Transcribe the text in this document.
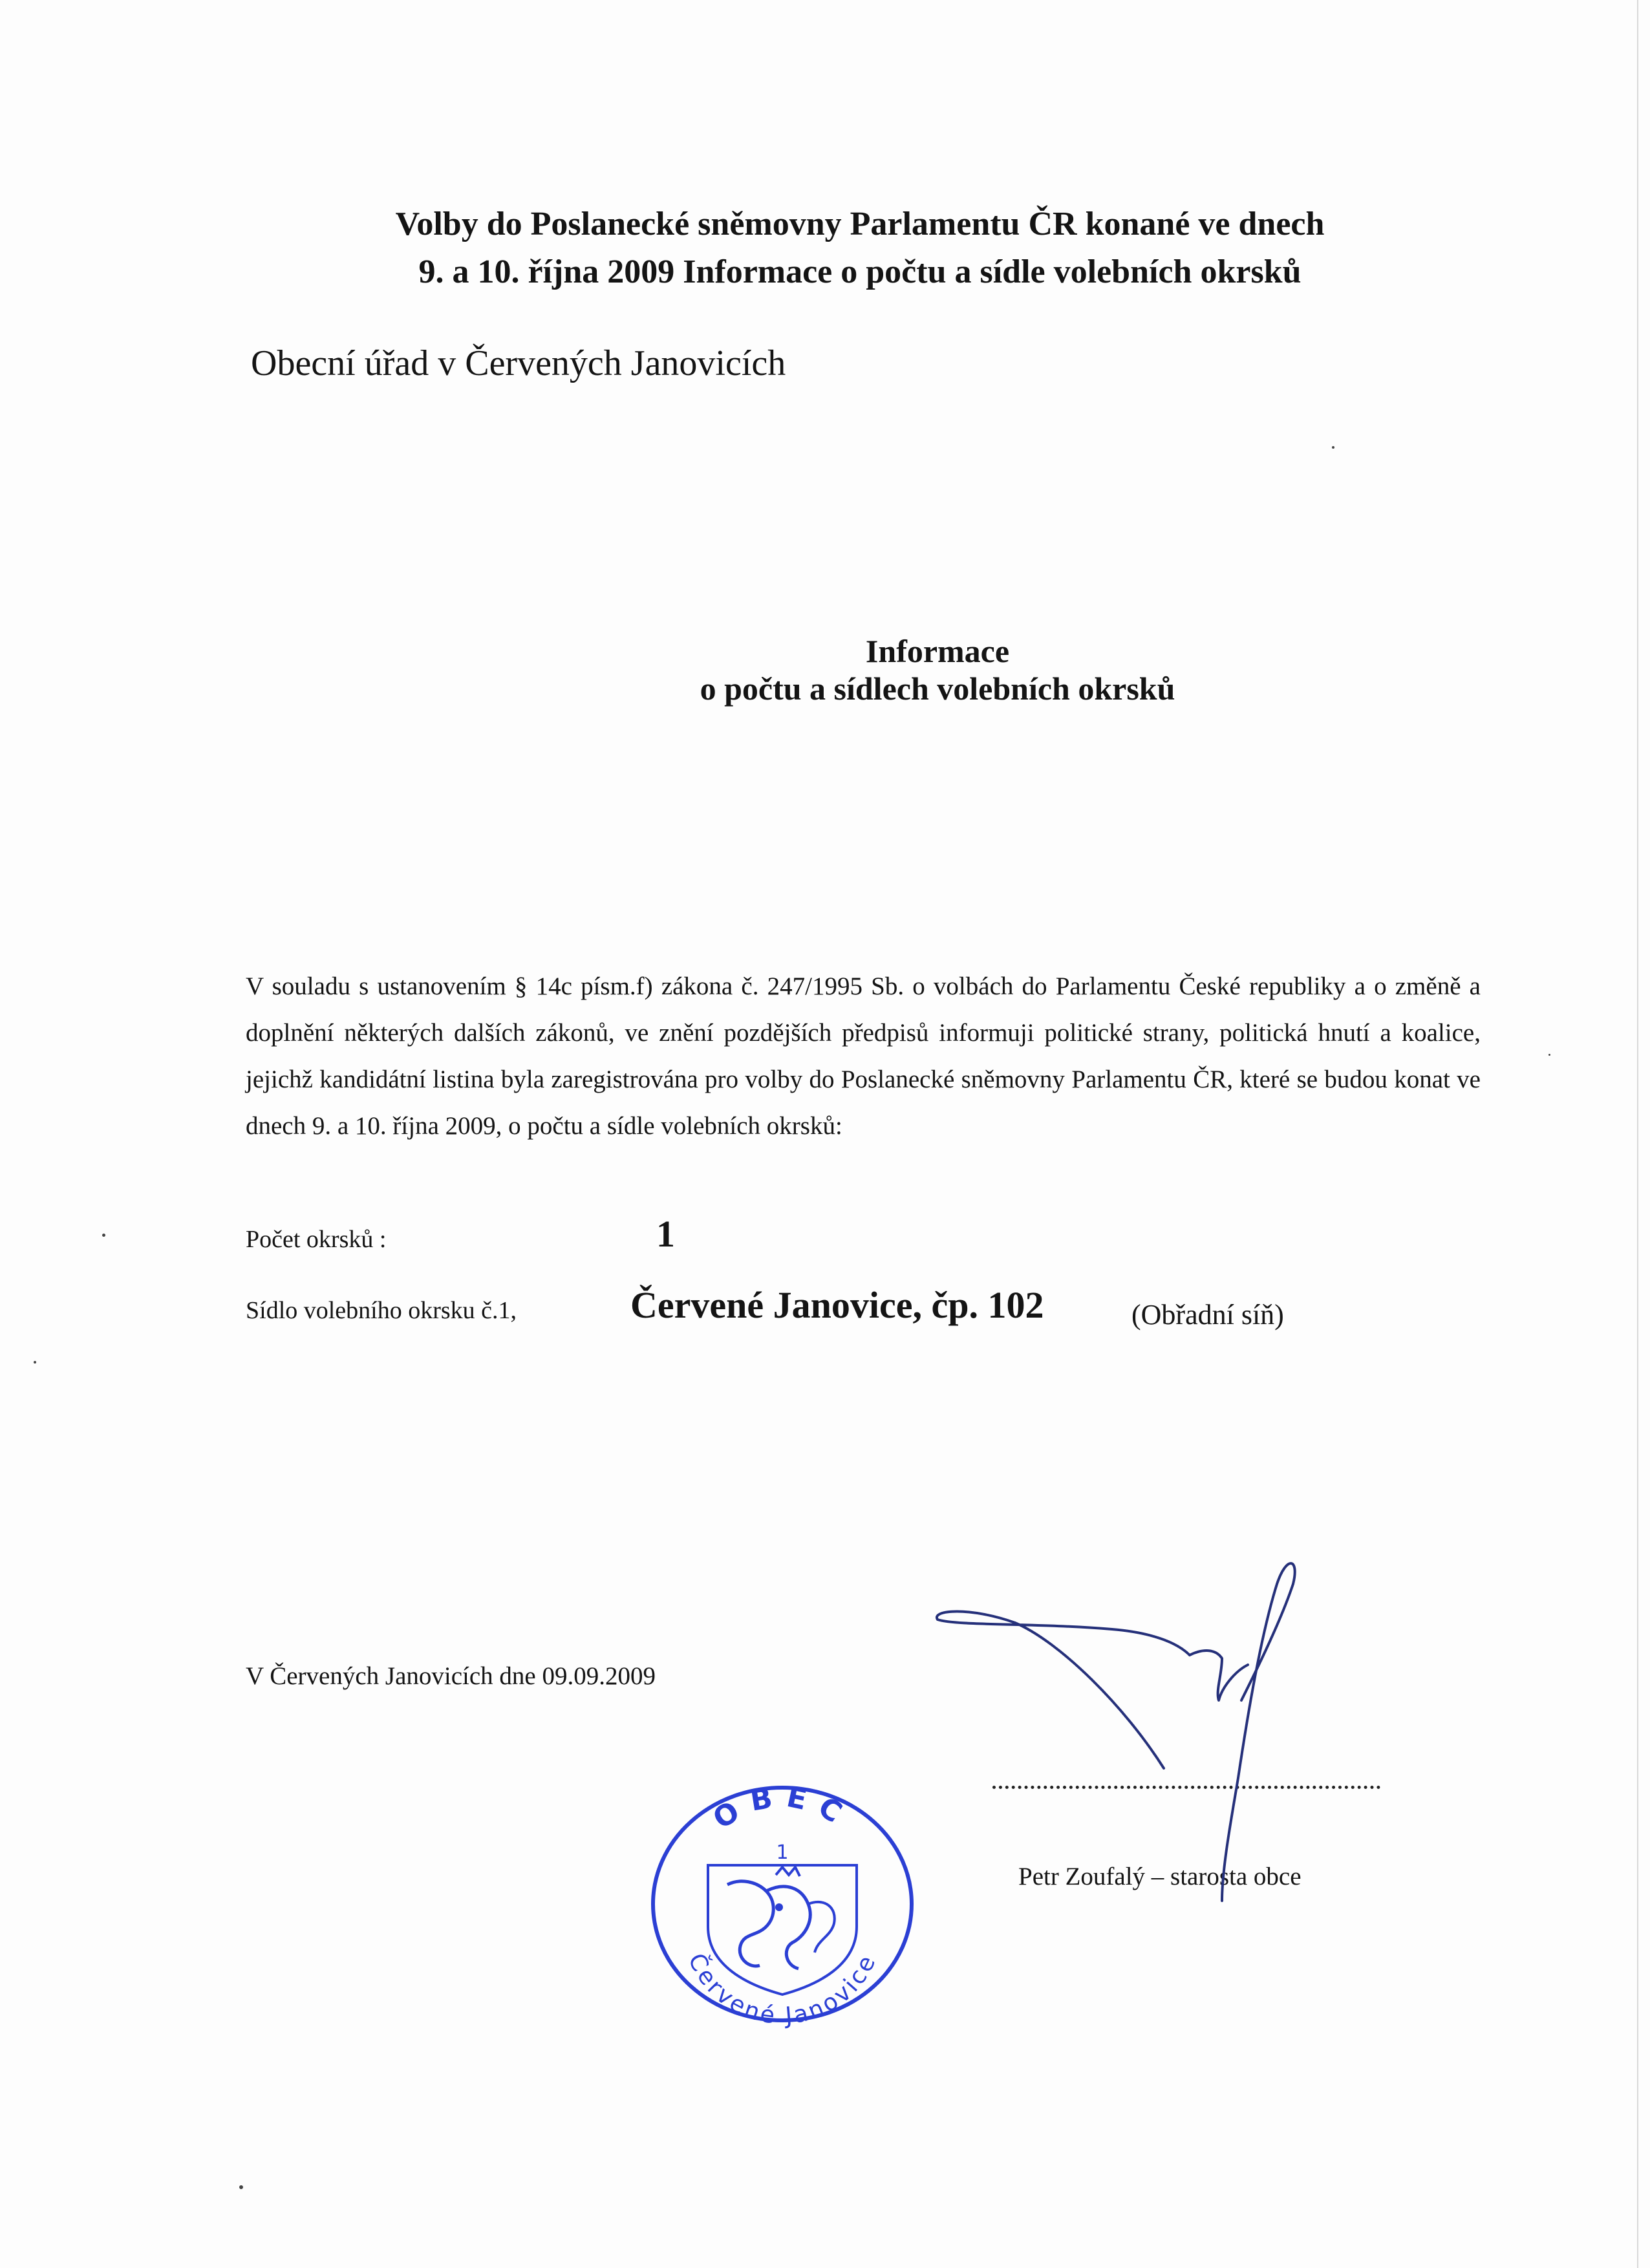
Volby do Poslanecké sněmovny Parlamentu ČR konané ve dnech
9. a 10. října 2009 Informace o počtu a sídle volebních okrsků

Obecní úřad v Červených Janovicích

Informace
o počtu a sídlech volebních okrsků

V souladu s ustanovením § 14c písm.f) zákona č. 247/1995 Sb. o volbách do Parlamentu České republiky a o změně a doplnění některých dalších zákonů, ve znění pozdějších předpisů informuji politické strany, politická hnutí a koalice, jejichž kandidátní listina byla zaregistrována pro volby do Poslanecké sněmovny Parlamentu ČR, které se budou konat ve dnech 9. a 10. října 2009, o počtu a sídle volebních okrsků:

Počet okrsků :	1
Sídlo volebního okrsku č.1,	Červené Janovice, čp. 102	(Obřadní síň)
V Červených Janovicích dne 09.09.2009
Petr Zoufalý – starosta obce
OBEC
1
Červené Janovice
